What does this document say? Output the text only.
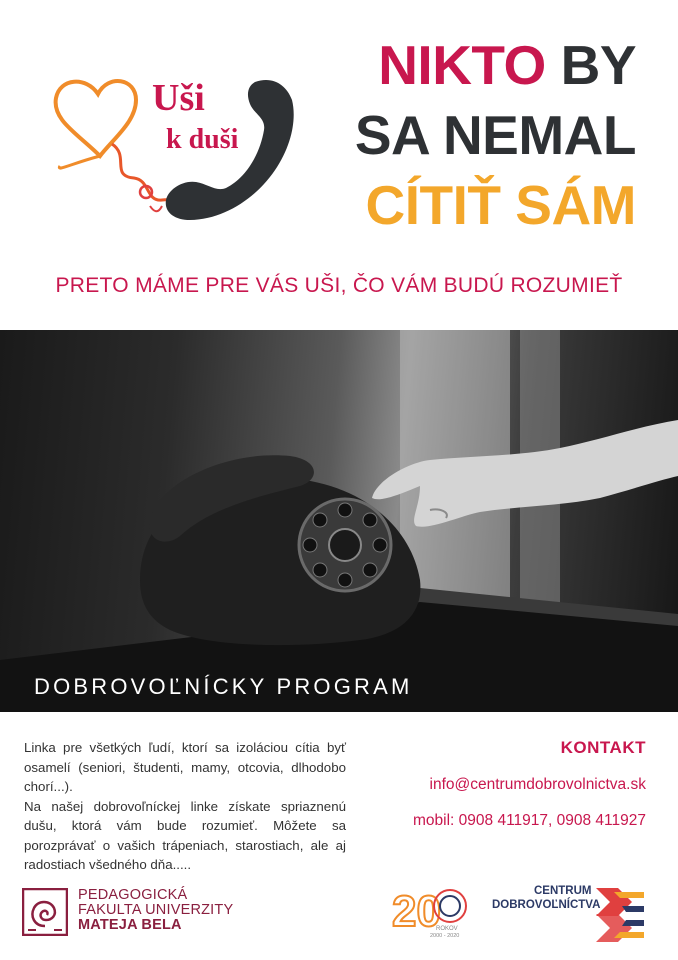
Uši
k duši
NIKTO BY
SA NEMAL
CÍTIŤ SÁM
PRETO MÁME PRE VÁS UŠI, ČO VÁM BUDÚ ROZUMIEŤ
DOBROVOĽNÍCKY PROGRAM

Linka pre všetkých ľudí, ktorí sa izoláciou cítia byť osamelí (seniori, študenti, mamy, otcovia, dlhodobo chorí...).

Na našej dobrovoľníckej linke získate spriaznenú dušu, ktorá vám bude rozumieť. Môžete sa porozprávať o vašich trápeniach, starostiach, ale aj radostiach všedného dňa.....

KONTAKT
info@centrumdobrovolnictva.sk
mobil: 0908 411917, 0908 411927
PEDAGOGICKÁ
FAKULTA UNIVERZITY
MATEJA BELA	20
ROKOV
2000 - 2020
CENTRUM
DOBROVOĽNÍCTVA
